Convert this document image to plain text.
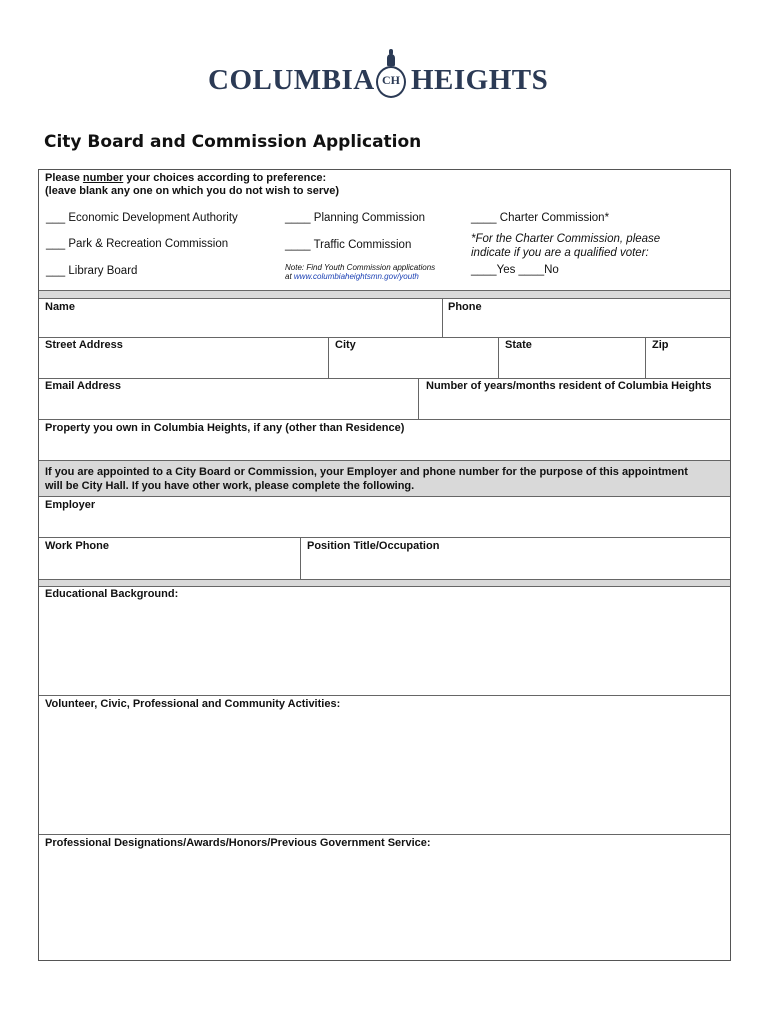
COLUMBIA CH HEIGHTS
City Board and Commission Application
Please number your choices according to preference:
(leave blank any one on which you do not wish to serve)
___ Economic Development Authority	____ Planning Commission	____ Charter Commission*
___ Park & Recreation Commission	____ Traffic Commission	*For the Charter Commission, please
indicate if you are a qualified voter:
___ Library Board	Note: Find Youth Commission applications
at www.columbiaheightsmn.gov/youth
____Yes ____No
Name	Phone
Street Address	City	State	Zip
Email Address	Number of years/months resident of Columbia Heights
Property you own in Columbia Heights, if any (other than Residence)
If you are appointed to a City Board or Commission, your Employer and phone number for the purpose of this appointment
will be City Hall. If you have other work, please complete the following.
Employer
Work Phone	Position Title/Occupation
Educational Background:
Volunteer, Civic, Professional and Community Activities:
Professional Designations/Awards/Honors/Previous Government Service:
